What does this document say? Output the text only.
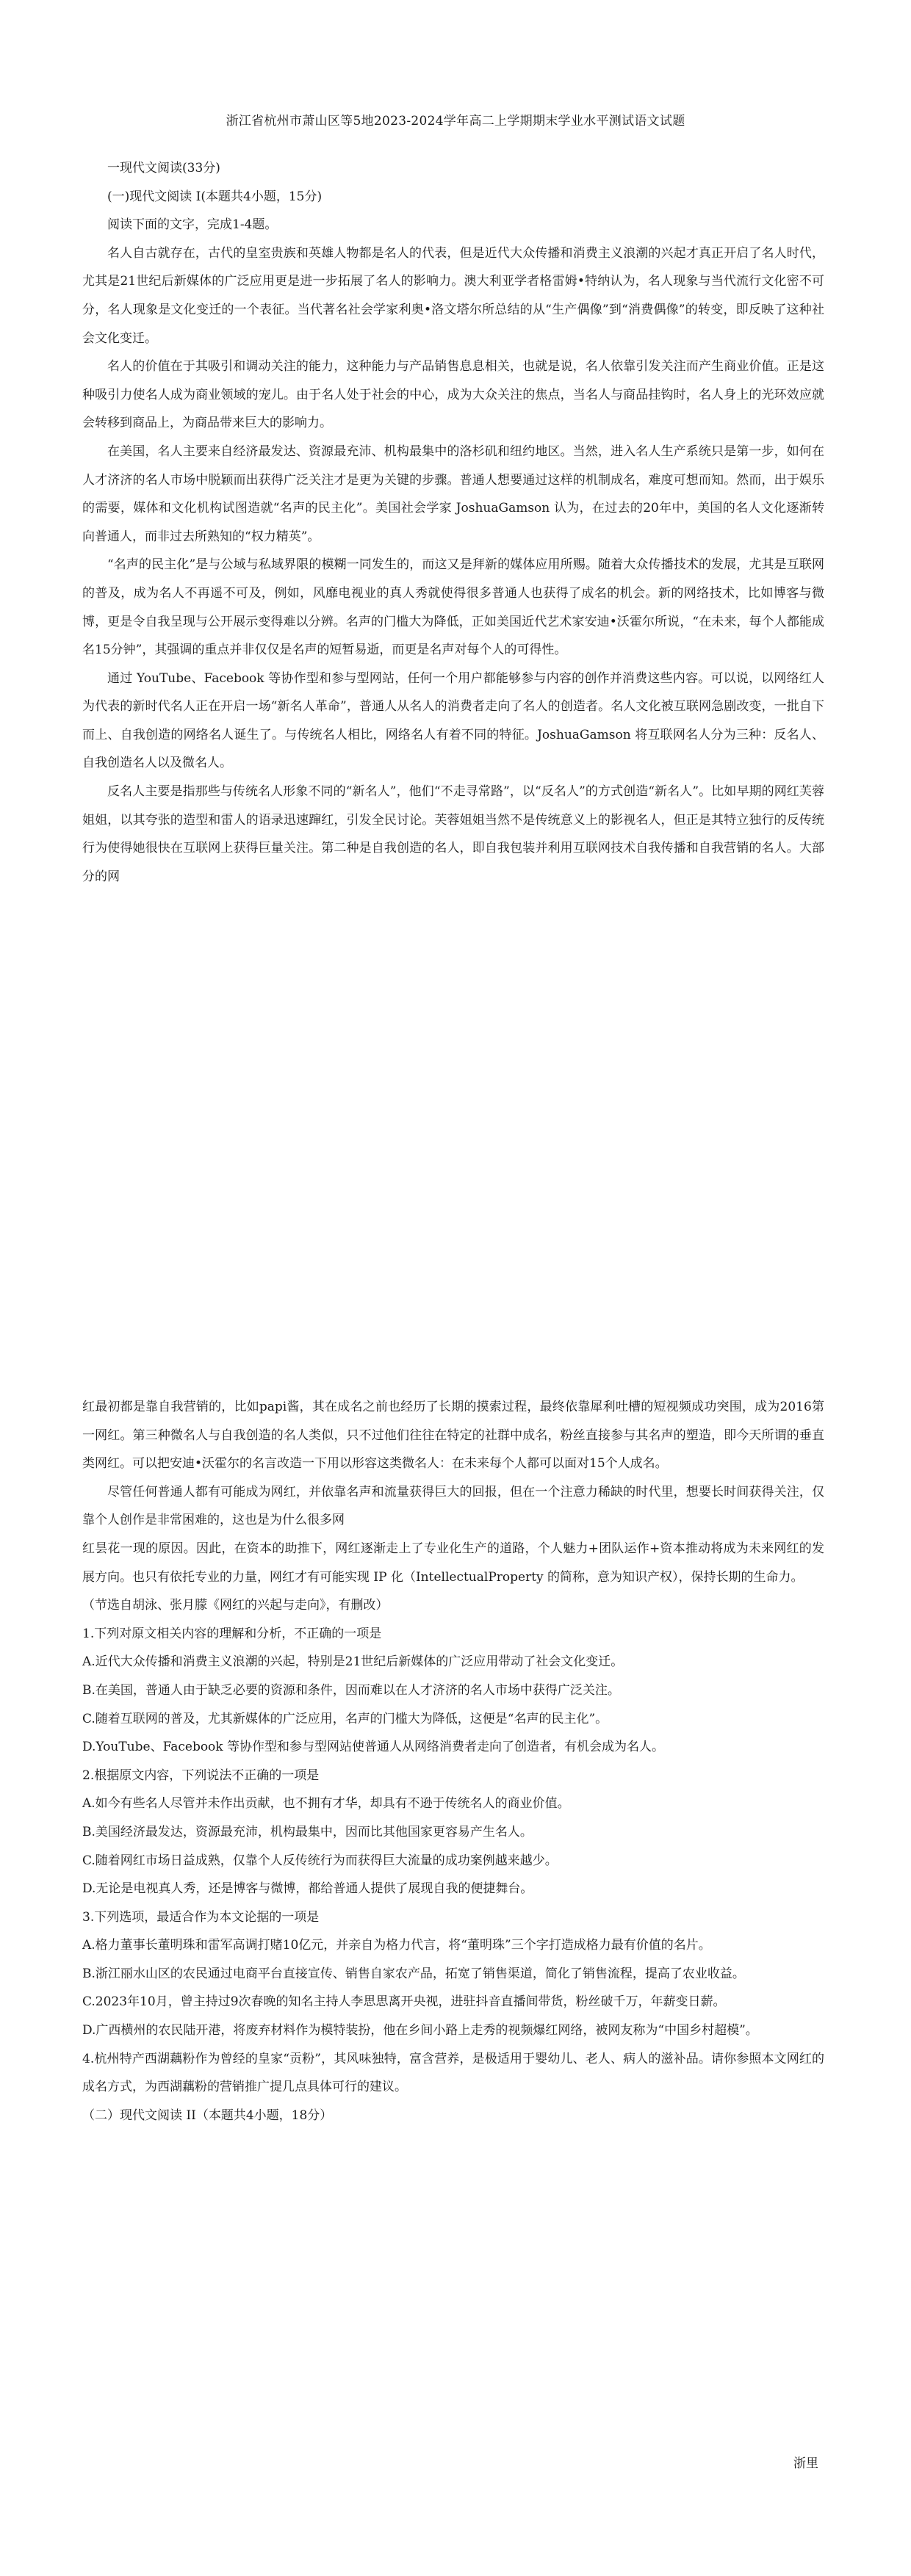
浙江省杭州市萧山区等5地2023-2024学年高二上学期期末学业水平测试语文试题

一现代文阅读(33分)

(一)现代文阅读 I(本题共4小题，15分)

阅读下面的文字，完成1-4题。

名人自古就存在，古代的皇室贵族和英雄人物都是名人的代表，但是近代大众传播和消费主义浪潮的兴起才真正开启了名人时代，尤其是21世纪后新媒体的广泛应用更是进一步拓展了名人的影响力。澳大利亚学者格雷姆•特纳认为，名人现象与当代流行文化密不可分，名人现象是文化变迁的一个表征。当代著名社会学家利奥•洛文塔尔所总结的从“生产偶像”到“消费偶像”的转变，即反映了这种社会文化变迁。

名人的价值在于其吸引和调动关注的能力，这种能力与产品销售息息相关，也就是说，名人依靠引发关注而产生商业价值。正是这种吸引力使名人成为商业领域的宠儿。由于名人处于社会的中心，成为大众关注的焦点，当名人与商品挂钩时，名人身上的光环效应就会转移到商品上，为商品带来巨大的影响力。

在美国，名人主要来自经济最发达、资源最充沛、机构最集中的洛杉矶和纽约地区。当然，进入名人生产系统只是第一步，如何在人才济济的名人市场中脱颖而出获得广泛关注才是更为关键的步骤。普通人想要通过这样的机制成名，难度可想而知。然而，出于娱乐的需要，媒体和文化机构试图造就“名声的民主化”。美国社会学家 JoshuaGamson 认为，在过去的20年中，美国的名人文化逐渐转向普通人，而非过去所熟知的“权力精英”。

“名声的民主化”是与公域与私域界限的模糊一同发生的，而这又是拜新的媒体应用所赐。随着大众传播技术的发展，尤其是互联网的普及，成为名人不再遥不可及，例如，风靡电视业的真人秀就使得很多普通人也获得了成名的机会。新的网络技术，比如博客与微博，更是令自我呈现与公开展示变得难以分辨。名声的门槛大为降低，正如美国近代艺术家安迪•沃霍尔所说，“在未来，每个人都能成名15分钟”，其强调的重点并非仅仅是名声的短暂易逝，而更是名声对每个人的可得性。

通过 YouTube、Facebook 等协作型和参与型网站，任何一个用户都能够参与内容的创作并消费这些内容。可以说，以网络红人为代表的新时代名人正在开启一场“新名人革命”，普通人从名人的消费者走向了名人的创造者。名人文化被互联网急剧改变，一批自下而上、自我创造的网络名人诞生了。与传统名人相比，网络名人有着不同的特征。JoshuaGamson 将互联网名人分为三种：反名人、自我创造名人以及微名人。

反名人主要是指那些与传统名人形象不同的“新名人”，他们“不走寻常路”，以“反名人”的方式创造“新名人”。比如早期的网红芙蓉姐姐，以其夸张的造型和雷人的语录迅速蹿红，引发全民讨论。芙蓉姐姐当然不是传统意义上的影视名人，但正是其特立独行的反传统行为使得她很快在互联网上获得巨量关注。第二种是自我创造的名人，即自我包装并利用互联网技术自我传播和自我营销的名人。大部分的网

红最初都是靠自我营销的，比如papi酱，其在成名之前也经历了长期的摸索过程，最终依靠犀利吐槽的短视频成功突围，成为2016第一网红。第三种微名人与自我创造的名人类似，只不过他们往往在特定的社群中成名，粉丝直接参与其名声的塑造，即今天所谓的垂直类网红。可以把安迪•沃霍尔的名言改造一下用以形容这类微名人：在未来每个人都可以面对15个人成名。

尽管任何普通人都有可能成为网红，并依靠名声和流量获得巨大的回报，但在一个注意力稀缺的时代里，想要长时间获得关注，仅靠个人创作是非常困难的，这也是为什么很多网

红昙花一现的原因。因此，在资本的助推下，网红逐渐走上了专业化生产的道路，个人魅力+团队运作+资本推动将成为未来网红的发展方向。也只有依托专业的力量，网红才有可能实现 IP 化（IntellectualProperty 的简称，意为知识产权），保持长期的生命力。

（节选自胡泳、张月朦《网红的兴起与走向》，有删改）

1.下列对原文相关内容的理解和分析，不正确的一项是

A.近代大众传播和消费主义浪潮的兴起，特别是21世纪后新媒体的广泛应用带动了社会文化变迁。

B.在美国，普通人由于缺乏必要的资源和条件，因而难以在人才济济的名人市场中获得广泛关注。

C.随着互联网的普及，尤其新媒体的广泛应用，名声的门槛大为降低，这便是“名声的民主化”。

D.YouTube、Facebook 等协作型和参与型网站使普通人从网络消费者走向了创造者，有机会成为名人。

2.根据原文内容，下列说法不正确的一项是

A.如今有些名人尽管并未作出贡献，也不拥有才华，却具有不逊于传统名人的商业价值。

B.美国经济最发达，资源最充沛，机构最集中，因而比其他国家更容易产生名人。

C.随着网红市场日益成熟，仅靠个人反传统行为而获得巨大流量的成功案例越来越少。

D.无论是电视真人秀，还是博客与微博，都给普通人提供了展现自我的便捷舞台。

3.下列选项，最适合作为本文论据的一项是

A.格力董事长董明珠和雷军高调打赌10亿元，并亲自为格力代言，将“董明珠”三个字打造成格力最有价值的名片。

B.浙江丽水山区的农民通过电商平台直接宣传、销售自家农产品，拓宽了销售渠道，简化了销售流程，提高了农业收益。

C.2023年10月，曾主持过9次春晚的知名主持人李思思离开央视，进驻抖音直播间带货，粉丝破千万，年薪变日薪。

D.广西横州的农民陆开港，将废弃材料作为模特装扮，他在乡间小路上走秀的视频爆红网络，被网友称为“中国乡村超模”。

4.杭州特产西湖藕粉作为曾经的皇家“贡粉”，其风味独特，富含营养，是极适用于婴幼儿、老人、病人的滋补品。请你参照本文网红的成名方式，为西湖藕粉的营销推广提几点具体可行的建议。

（二）现代文阅读 II（本题共4小题，18分）

浙里
